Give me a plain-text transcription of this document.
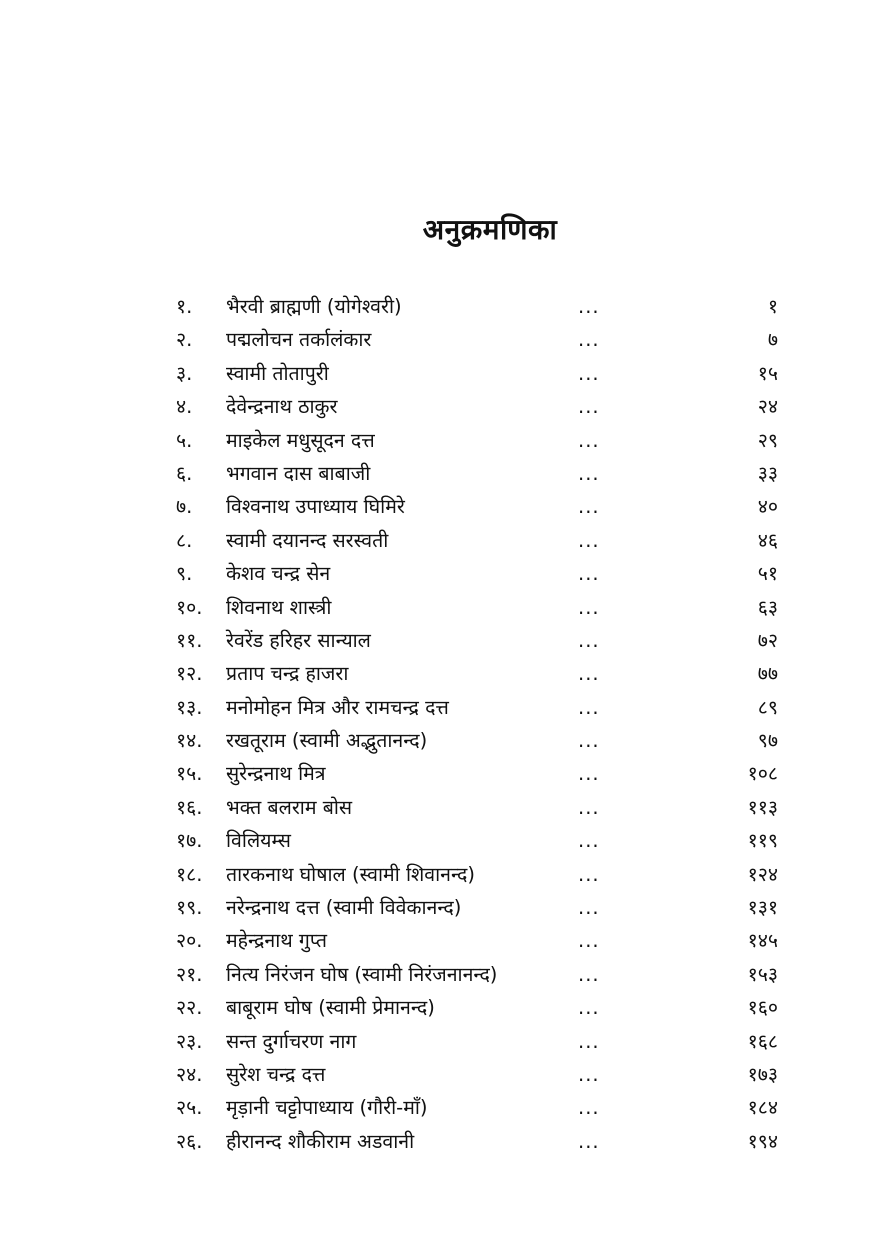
अनुक्रमणिका
१. भैरवी ब्राह्मणी (योगेश्वरी)	...	१
२. पद्मलोचन तर्कालंकार	...	७
३. स्वामी तोतापुरी	...	१५
४. देवेन्द्रनाथ ठाकुर	...	२४
५. माइकेल मधुसूदन दत्त	...	२९
६. भगवान दास बाबाजी	...	३३
७. विश्वनाथ उपाध्याय घिमिरे	...	४०
८. स्वामी दयानन्द सरस्वती	...	४६
९. केशव चन्द्र सेन	...	५१
१०. शिवनाथ शास्त्री	...	६३
११. रेवरेंड हरिहर सान्याल	...	७२
१२. प्रताप चन्द्र हाजरा	...	७७
१३. मनोमोहन मित्र और रामचन्द्र दत्त	...	८९
१४. रखतूराम (स्वामी अद्भुतानन्द)	...	९७
१५. सुरेन्द्रनाथ मित्र	...	१०८
१६. भक्त बलराम बोस	...	११३
१७. विलियम्स	...	११९
१८. तारकनाथ घोषाल (स्वामी शिवानन्द)	...	१२४
१९. नरेन्द्रनाथ दत्त (स्वामी विवेकानन्द)	...	१३१
२०. महेन्द्रनाथ गुप्त	...	१४५
२१. नित्य निरंजन घोष (स्वामी निरंजनानन्द)	...	१५३
२२. बाबूराम घोष (स्वामी प्रेमानन्द)	...	१६०
२३. सन्त दुर्गाचरण नाग	...	१६८
२४. सुरेश चन्द्र दत्त	...	१७३
२५. मृड़ानी चट्टोपाध्याय (गौरी-माँ)	...	१८४
२६. हीरानन्द शौकीराम अडवानी	...	१९४
